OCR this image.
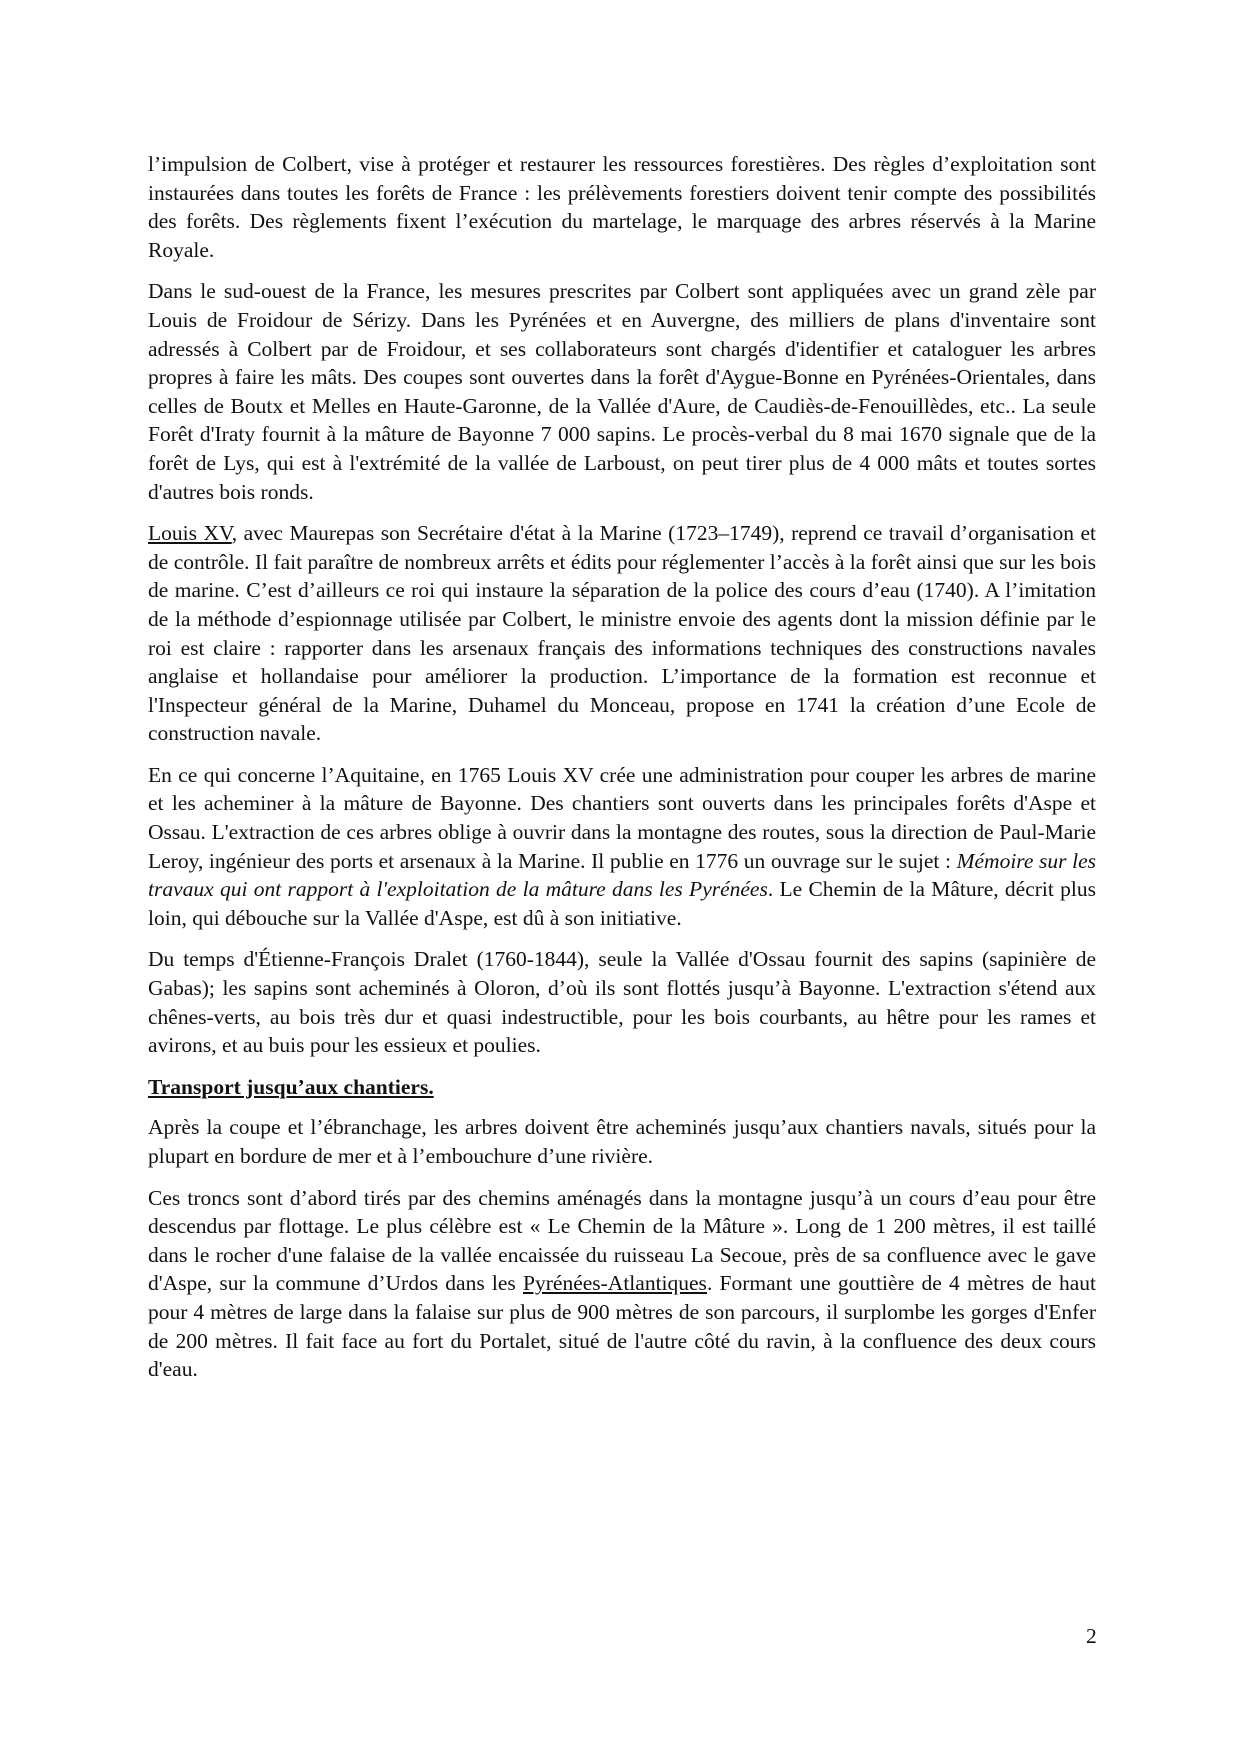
l’impulsion de Colbert, vise à protéger et restaurer les ressources forestières. Des règles d’exploitation sont instaurées dans toutes les forêts de France : les prélèvements forestiers doivent tenir compte des possibilités des forêts. Des règlements fixent l’exécution du martelage, le marquage des arbres réservés à la Marine Royale.

Dans le sud-ouest de la France, les mesures prescrites par Colbert sont appliquées avec un grand zèle par Louis de Froidour de Sérizy. Dans les Pyrénées et en Auvergne, des milliers de plans d'inventaire sont adressés à Colbert par de Froidour, et ses collaborateurs sont chargés d'identifier et cataloguer les arbres propres à faire les mâts. Des coupes sont ouvertes dans la forêt d'Aygue-Bonne en Pyrénées-Orientales, dans celles de Boutx et Melles en Haute-Garonne, de la Vallée d'Aure, de Caudiès-de-Fenouillèdes, etc.. La seule Forêt d'Iraty fournit à la mâture de Bayonne 7 000 sapins. Le procès-verbal du 8 mai 1670 signale que de la forêt de Lys, qui est à l'extrémité de la vallée de Larboust, on peut tirer plus de 4 000 mâts et toutes sortes d'autres bois ronds.

Louis XV, avec Maurepas son Secrétaire d'état à la Marine (1723–1749), reprend ce travail d’organisation et de contrôle. Il fait paraître de nombreux arrêts et édits pour réglementer l’accès à la forêt ainsi que sur les bois de marine. C’est d’ailleurs ce roi qui instaure la séparation de la police des cours d’eau (1740). A l’imitation de la méthode d’espionnage utilisée par Colbert, le ministre envoie des agents dont la mission définie par le roi est claire : rapporter dans les arsenaux français des informations techniques des constructions navales anglaise et hollandaise pour améliorer la production. L’importance de la formation est reconnue et l'Inspecteur général de la Marine, Duhamel du Monceau, propose en 1741 la création d’une Ecole de construction navale.

En ce qui concerne l’Aquitaine, en 1765 Louis XV crée une administration pour couper les arbres de marine et les acheminer à la mâture de Bayonne. Des chantiers sont ouverts dans les principales forêts d'Aspe et Ossau. L'extraction de ces arbres oblige à ouvrir dans la montagne des routes, sous la direction de Paul-Marie Leroy, ingénieur des ports et arsenaux à la Marine. Il publie en 1776 un ouvrage sur le sujet : Mémoire sur les travaux qui ont rapport à l'exploitation de la mâture dans les Pyrénées. Le Chemin de la Mâture, décrit plus loin, qui débouche sur la Vallée d'Aspe, est dû à son initiative.

Du temps d'Étienne-François Dralet (1760-1844), seule la Vallée d'Ossau fournit des sapins (sapinière de Gabas); les sapins sont acheminés à Oloron, d’où ils sont flottés jusqu’à Bayonne. L'extraction s'étend aux chênes-verts, au bois très dur et quasi indestructible, pour les bois courbants, au hêtre pour les rames et avirons, et au buis pour les essieux et poulies.

Transport jusqu’aux chantiers.

Après la coupe et l’ébranchage, les arbres doivent être acheminés jusqu’aux chantiers navals, situés pour la plupart en bordure de mer et à l’embouchure d’une rivière.

Ces troncs sont d’abord tirés par des chemins aménagés dans la montagne jusqu’à un cours d’eau pour être descendus par flottage. Le plus célèbre est « Le Chemin de la Mâture ». Long de 1 200 mètres, il est taillé dans le rocher d'une falaise de la vallée encaissée du ruisseau La Secoue, près de sa confluence avec le gave d'Aspe, sur la commune d’Urdos dans les Pyrénées-Atlantiques. Formant une gouttière de 4 mètres de haut pour 4 mètres de large dans la falaise sur plus de 900 mètres de son parcours, il surplombe les gorges d'Enfer de 200 mètres. Il fait face au fort du Portalet, situé de l'autre côté du ravin, à la confluence des deux cours d'eau.

2
